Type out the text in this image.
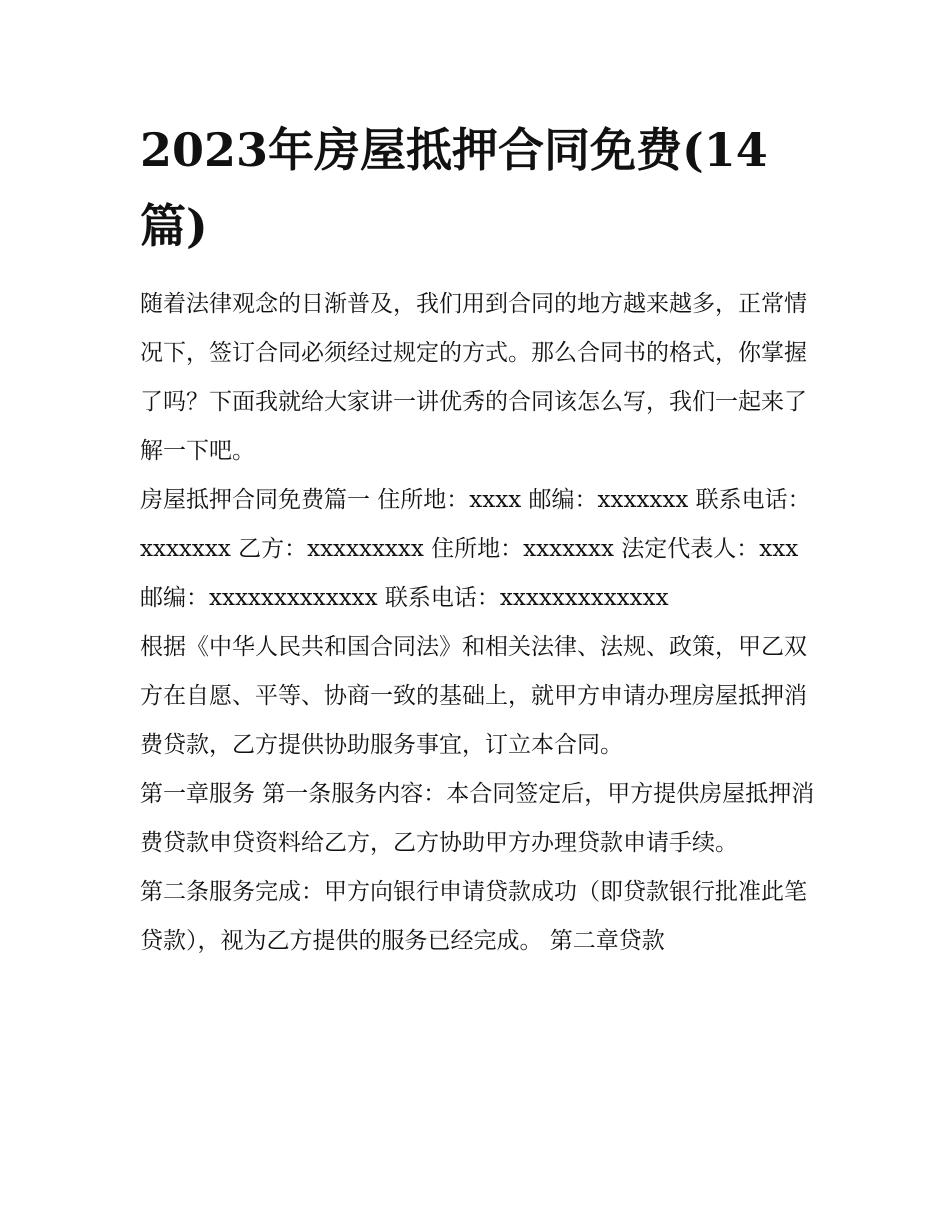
2023年房屋抵押合同免费(14篇)

随着法律观念的日渐普及，我们用到合同的地方越来越多，正常情况下，签订合同必须经过规定的方式。那么合同书的格式，你掌握了吗？下面我就给大家讲一讲优秀的合同该怎么写，我们一起来了解一下吧。

房屋抵押合同免费篇一 住所地：xxxx 邮编：xxxxxxx 联系电话：xxxxxxx 乙方：xxxxxxxxx 住所地：xxxxxxx 法定代表人：xxx

邮编：xxxxxxxxxxxxx 联系电话：xxxxxxxxxxxxx

根据《中华人民共和国合同法》和相关法律、法规、政策，甲乙双方在自愿、平等、协商一致的基础上，就甲方申请办理房屋抵押消费贷款，乙方提供协助服务事宜，订立本合同。

第一章服务 第一条服务内容：本合同签定后，甲方提供房屋抵押消费贷款申贷资料给乙方，乙方协助甲方办理贷款申请手续。

第二条服务完成：甲方向银行申请贷款成功（即贷款银行批准此笔贷款），视为乙方提供的服务已经完成。 第二章贷款
